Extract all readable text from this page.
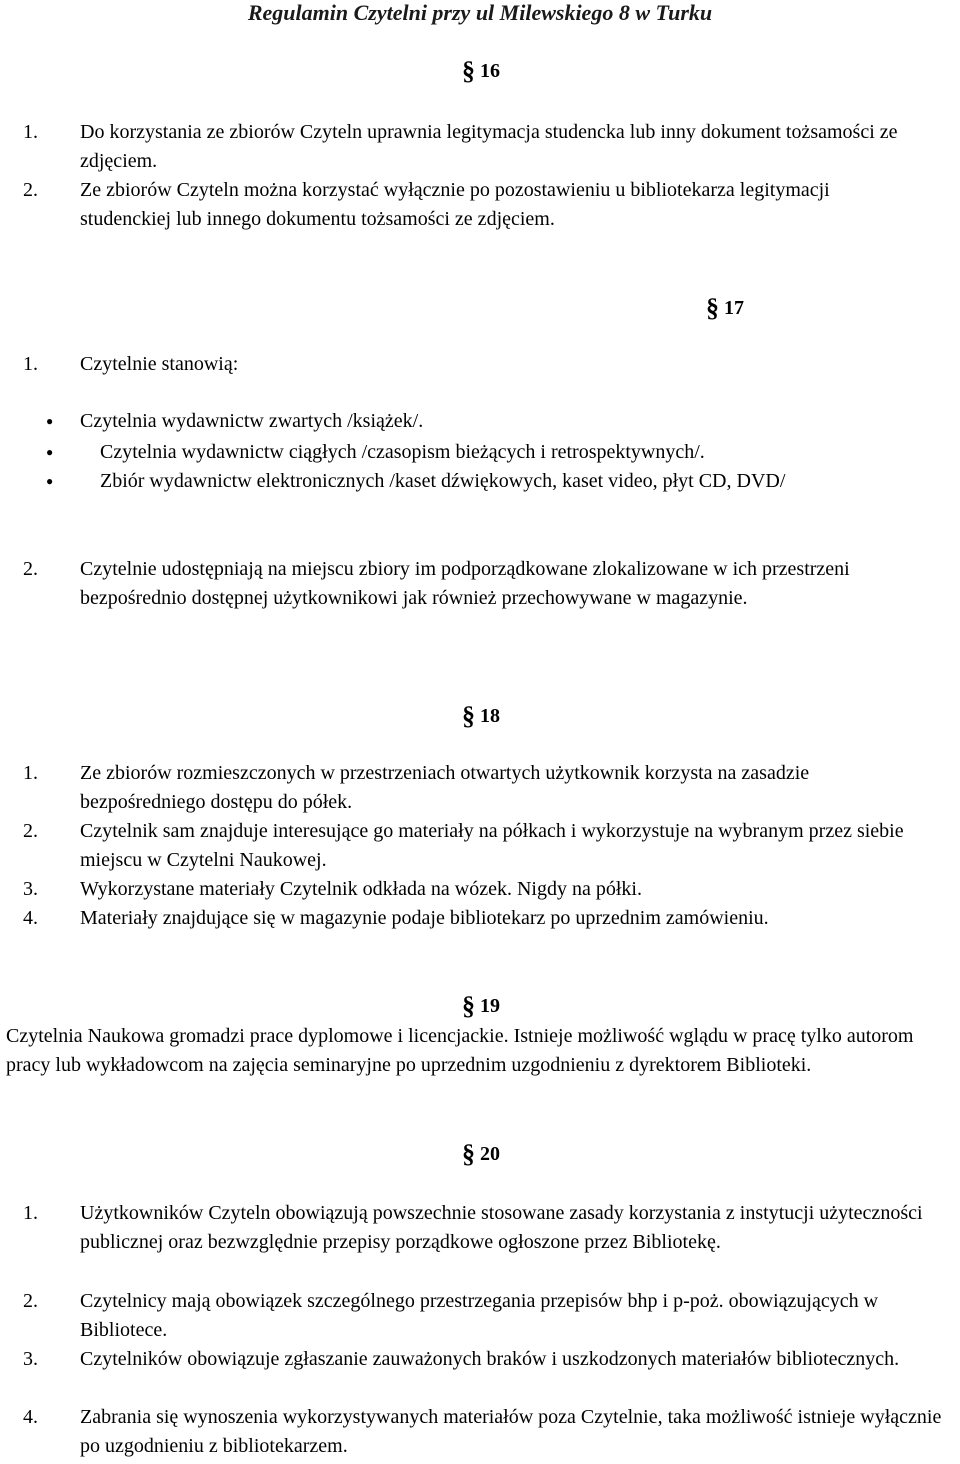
Regulamin Czytelni przy ul Milewskiego 8 w Turku
§ 16
1. Do korzystania ze zbiorów Czyteln uprawnia legitymacja studencka lub inny dokument tożsamości ze zdjęciem.
2. Ze zbiorów Czyteln można korzystać wyłącznie po pozostawieniu u bibliotekarza legitymacji studenckiej lub innego dokumentu tożsamości ze zdjęciem.
§ 17
1. Czytelnie stanowią:
● Czytelnia wydawnictw zwartych /książek/.
● Czytelnia wydawnictw ciągłych /czasopism bieżących i retrospektywnych/.
●	Zbiór wydawnictw elektronicznych /kaset dźwiękowych, kaset video, płyt CD, DVD/
2. Czytelnie udostępniają na miejscu zbiory im podporządkowane zlokalizowane w ich przestrzeni bezpośrednio dostępnej użytkownikowi jak również przechowywane w magazynie.
§ 18
1. Ze zbiorów rozmieszczonych w przestrzeniach otwartych użytkownik korzysta na zasadzie bezpośredniego dostępu do półek.
2. Czytelnik sam znajduje interesujące go materiały na półkach i wykorzystuje na wybranym przez siebie miejscu w Czytelni Naukowej.
3. Wykorzystane materiały Czytelnik odkłada na wózek. Nigdy na półki.
4. Materiały znajdujące się w magazynie podaje bibliotekarz po uprzednim zamówieniu.
§ 19
Czytelnia Naukowa gromadzi prace dyplomowe i licencjackie. Istnieje możliwość wglądu w pracę tylko autorom pracy lub wykładowcom na zajęcia seminaryjne po uprzednim uzgodnieniu z dyrektorem Biblioteki.
§ 20
1. Użytkowników Czyteln obowiązują powszechnie stosowane zasady korzystania z instytucji użyteczności publicznej oraz bezwzględnie przepisy porządkowe ogłoszone przez Bibliotekę.
2. Czytelnicy mają obowiązek szczególnego przestrzegania przepisów bhp i p-poż. obowiązujących w Bibliotece.
3. Czytelników obowiązuje zgłaszanie zauważonych braków i uszkodzonych materiałów bibliotecznych.
4. Zabrania się wynoszenia wykorzystywanych materiałów poza Czytelnie, taka możliwość istnieje wyłącznie po uzgodnieniu z bibliotekarzem.
